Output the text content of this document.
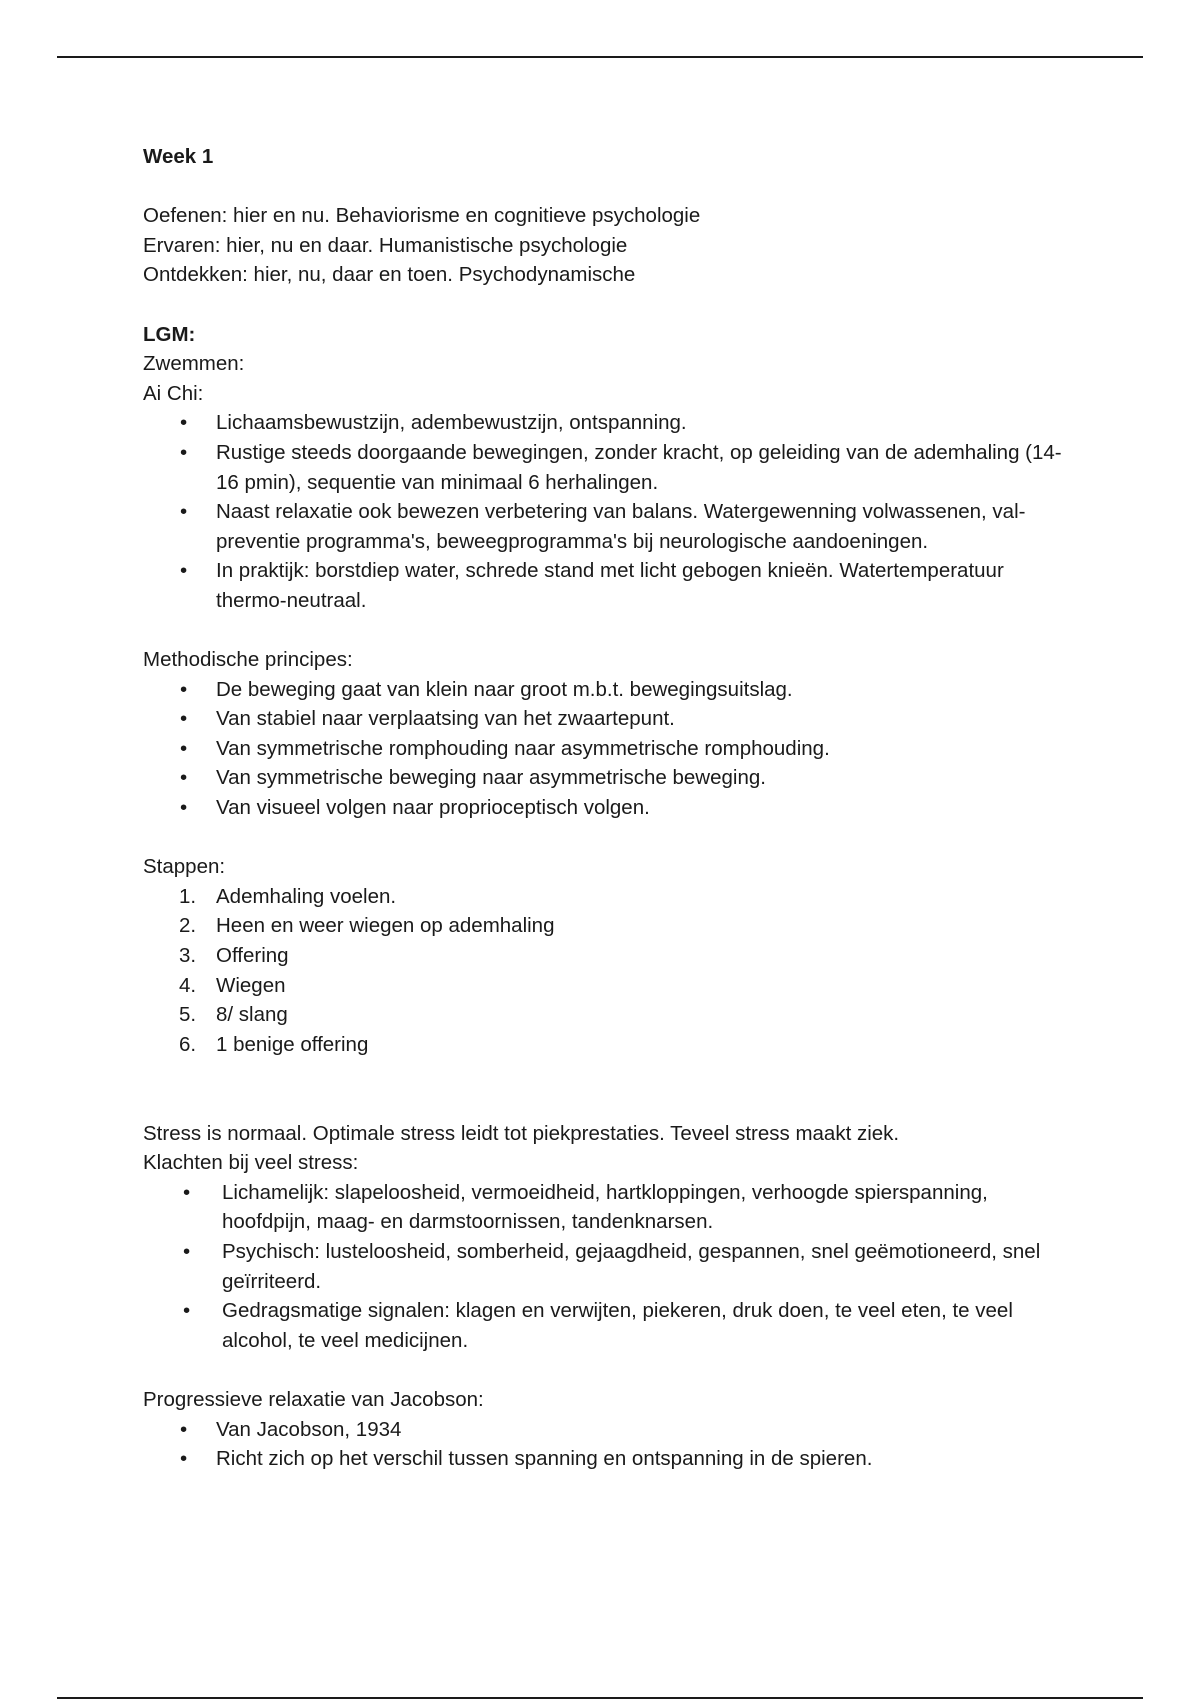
Week 1

Oefenen: hier en nu. Behaviorisme en cognitieve psychologie

Ervaren: hier, nu en daar. Humanistische psychologie

Ontdekken: hier, nu, daar en toen. Psychodynamische

LGM:

Zwemmen:

Ai Chi:

• Lichaamsbewustzijn, adembewustzijn, ontspanning.
• Rustige steeds doorgaande bewegingen, zonder kracht, op geleiding van de ademhaling (14-16 pmin), sequentie van minimaal 6 herhalingen.
• Naast relaxatie ook bewezen verbetering van balans. Watergewenning volwassenen, val-preventie programma's, beweegprogramma's bij neurologische aandoeningen.
• In praktijk: borstdiep water, schrede stand met licht gebogen knieën. Watertemperatuur thermo-neutraal.

Methodische principes:

• De beweging gaat van klein naar groot m.b.t. bewegingsuitslag.
• Van stabiel naar verplaatsing van het zwaartepunt.
• Van symmetrische romphouding naar asymmetrische romphouding.
• Van symmetrische beweging naar asymmetrische beweging.
• Van visueel volgen naar proprioceptisch volgen.

Stappen:

1. Ademhaling voelen.
2. Heen en weer wiegen op ademhaling
3. Offering
4. Wiegen
5. 8/ slang
6. 1 benige offering

Stress is normaal. Optimale stress leidt tot piekprestaties. Teveel stress maakt ziek.

Klachten bij veel stress:

• Lichamelijk: slapeloosheid, vermoeidheid, hartkloppingen, verhoogde spierspanning, hoofdpijn, maag- en darmstoornissen, tandenknarsen.
• Psychisch: lusteloosheid, somberheid, gejaagdheid, gespannen, snel geëmotioneerd, snel geïrriteerd.
• Gedragsmatige signalen: klagen en verwijten, piekeren, druk doen, te veel eten, te veel alcohol, te veel medicijnen.

Progressieve relaxatie van Jacobson:

• Van Jacobson, 1934
• Richt zich op het verschil tussen spanning en ontspanning in de spieren.
